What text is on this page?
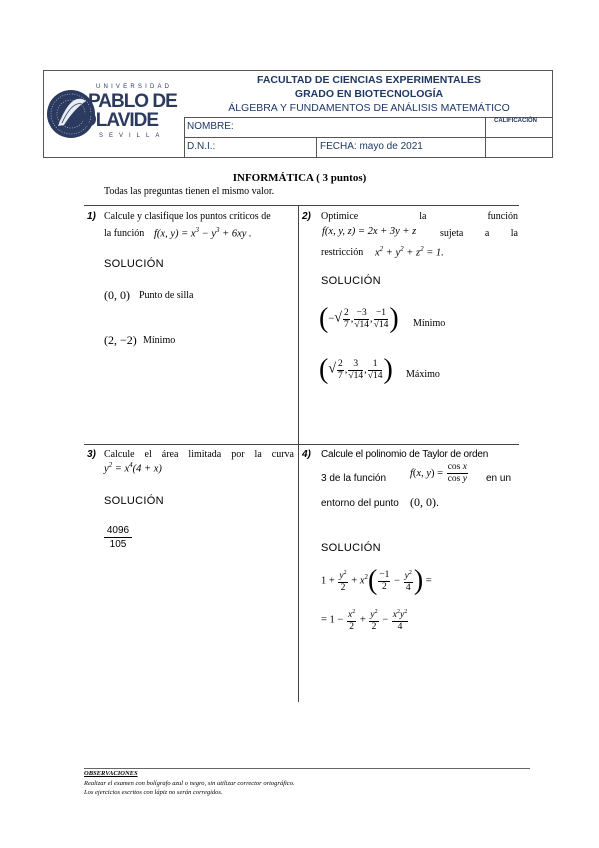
UNIVERSIDAD
PABLO DE
OLAVIDE
SEVILLA
FACULTAD DE CIENCIAS EXPERIMENTALES
GRADO EN BIOTECNOLOGÍA
ÁLGEBRA Y FUNDAMENTOS DE ANÁLISIS MATEMÁTICO
NOMBRE:	CALIFICACIÓN
D.N.I.:	FECHA: mayo de 2021
INFORMÁTICA ( 3 puntos)
Todas las preguntas tienen el mismo valor.
1) Calcule y clasifique los puntos críticos de
la función f(x, $y) = x^3 - y^3 + 6xy$ .
SOLUCIÓN
(0, 0) Punto de silla
(2, −2) Mínimo
2) Optimice la función
f(x, y, z) = 2x + 3y + z sujeta a la
restricción $x^2 + y^2 + z^2 = 1$.
SOLUCIÓN
(−√ $\frac{2}{7}$ , $\frac{-3}{√14}$ , $\frac{-1}{√14}$ ) Mínimo
(√ $\frac{2}{7}$ , $\frac{3}{√14}$ , $\frac{1}{√14}$ ) Máximo
3) Calcule el área limitada por la curva
$y^2 = x^4(4 + x)$
SOLUCIÓN
$\frac{4096}{105}$
4) Calcule el polinomio de Taylor de orden
3 de la función f(x, $y) = \frac{\text{cos x}}{\text{cos y}}$ en un
entorno del punto (0, 0).
SOLUCIÓN
$1 + \frac{y^2}{2} + x^2( \frac{-1}{2} - \frac{y^2}{4}$ ) =
= $1 - \frac{x^2}{2} + \frac{y^2}{2} - \frac{x^2y^2}{4}$
OBSERVACIONES
Realizar el examen con bolígrafo azul o negro, sin utilizar corrector ortográfico.
Los ejercicios escritos con lápiz no serán corregidos.
